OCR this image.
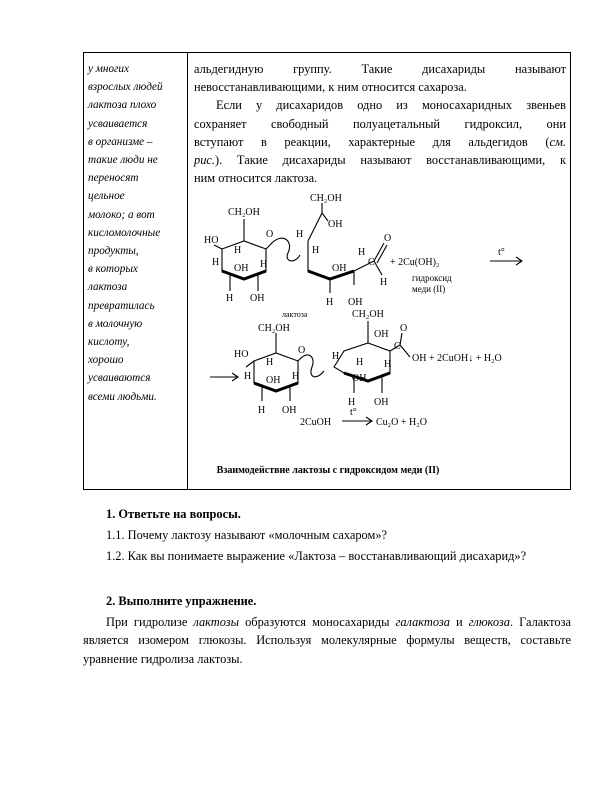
у многих
взрослых людей
лактоза плохо
усваивается
в организме –
такие люди не
переносят
цельное
молоко; а вот
кисломолочные
продукты,
в которых
лактоза
превратилась
в молочную
кислоту,
хорошо
усваиваются
всеми людьми.

альдегидную группу. Такие дисахариды называют
невосстанавливающими, к ним относится сахароза.

Если у дисахаридов одно из моносахаридных звеньев
сохраняет свободный полуацетальный гидроксил, они
вступают в реакции, характерные для альдегидов (см.
рис.). Такие дисахариды называют восстанавливающими, к
ним относится лактоза.

CH₂OH
O
HO
H
H
OH H
H OH
CH₂OH
OH
H
H
OH
H
H OH
C
O
H
+ 2Cu(OH)₂
t°
гидроксид
меди (II)
лактоза
CH₂OH
O
HO
H
H OH H
H OH
CH₂OH
OH
H
H
OH
H
H OH
C
O
OH + 2CuOH↓ + H₂O
2CuOH
t°
Cu₂O + H₂O
Взаимодействие лактозы с гидроксидом меди (II)
1. Ответьте на вопросы.
1.1. Почему лактозу называют «молочным сахаром»?
1.2. Как вы понимаете выражение «Лактоза – восстанавливающий дисахарид»?
2. Выполните упражнение.
При гидролизе лактозы образуются моносахариды галактоза и глюкоза. Галактоза является изомером глюкозы. Используя молекулярные формулы веществ, составьте уравнение гидролиза лактозы.
